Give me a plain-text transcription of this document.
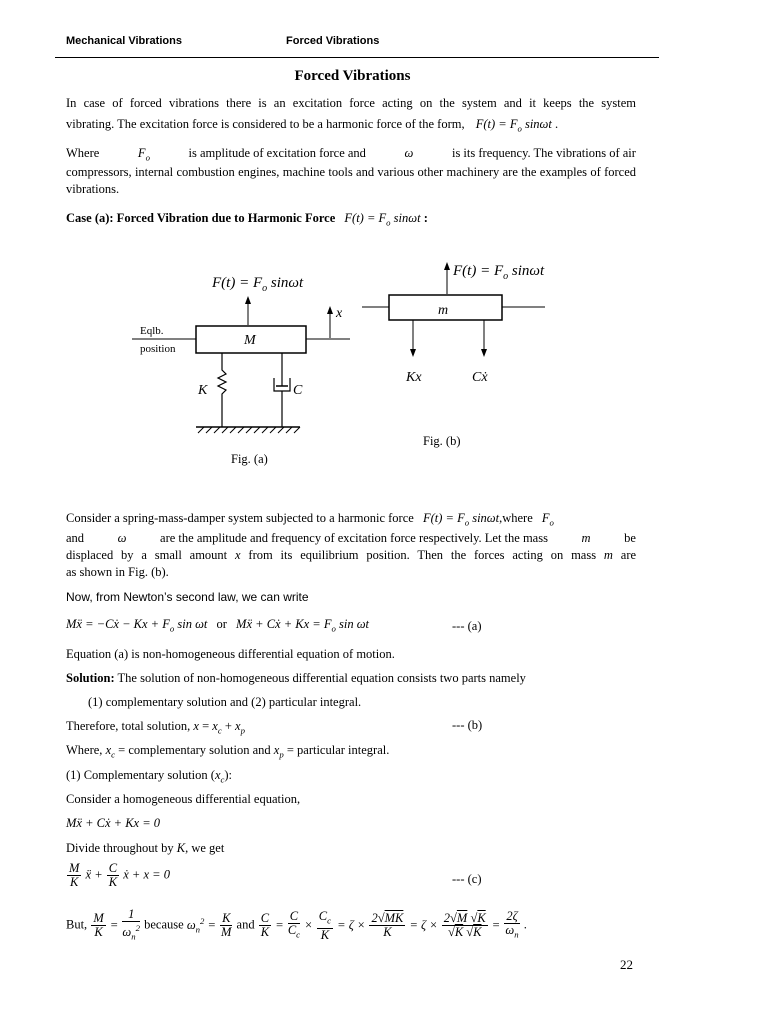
Mechanical Vibrations	Forced Vibrations
Forced Vibrations
In case of forced vibrations there is an excitation force acting on the system and it keeps the system
vibrating. The excitation force is considered to be a harmonic force of the form, $F(t) = F_o$ sinωt .
Where	$F_o$	is amplitude of excitation force and	ω	is its frequency. The vibrations of air
compressors, internal combustion engines, machine tools and various other machinery are the examples of forced vibrations.
Case (a): Forced Vibration due to Harmonic Force $F(t) = F_o$ sinωt :
$F(t) = F_o$ sinωt
x
Eqlb.
position
M
K	C
Fig. (a)
$F(t) = F_o$ sinωt
m
Kx	Cẋ
Fig. (b)
Consider a spring-mass-damper system subjected to a harmonic force $F(t) = F_o$ sinωt,where $F_o$
and	ω	are the amplitude and frequency of excitation force respectively. Let the mass	m	be
displaced by a small amount x from its equilibrium position. Then the forces acting on mass m are
as shown in Fig. (b).
Now, from Newton’s second law, we can write
Mẍ = −Cẋ − $Kx + F_o$ sin ωt or Mẍ + Cẋ + $Kx = F_o$ sin ωt	--- (a)
Equation (a) is non-homogeneous differential equation of motion.
Solution: The solution of non-homogeneous differential equation consists two parts namely
(1) complementary solution and (2) particular integral.
Therefore, total solution, $x = x_c + x_p$	--- (b)
Where, $x_c$ = complementary solution and $x_p$ = particular integral.
(1) Complementary solution $(x_c)$:
Consider a homogeneous differential equation,
Mẍ + Cẋ + Kx = 0
Divide throughout by K, we get
$\frac{M}{K}$ ẍ + $\frac{C}{K}$ ẋ + x = 0	--- (c)
But, $\frac{M}{K} = \frac{1}{\omega_n^2}$ because $\omega_n^2 = \frac{K}{M}$ and $\frac{C}{K} = \frac{C}{C_c} \times \frac{C_c}{K} = \zeta \times \frac{2√MK}{K} = \zeta \times \frac{2√M √K}{√K √K} = \frac{2\zeta}{\omega_n}$ .
22
